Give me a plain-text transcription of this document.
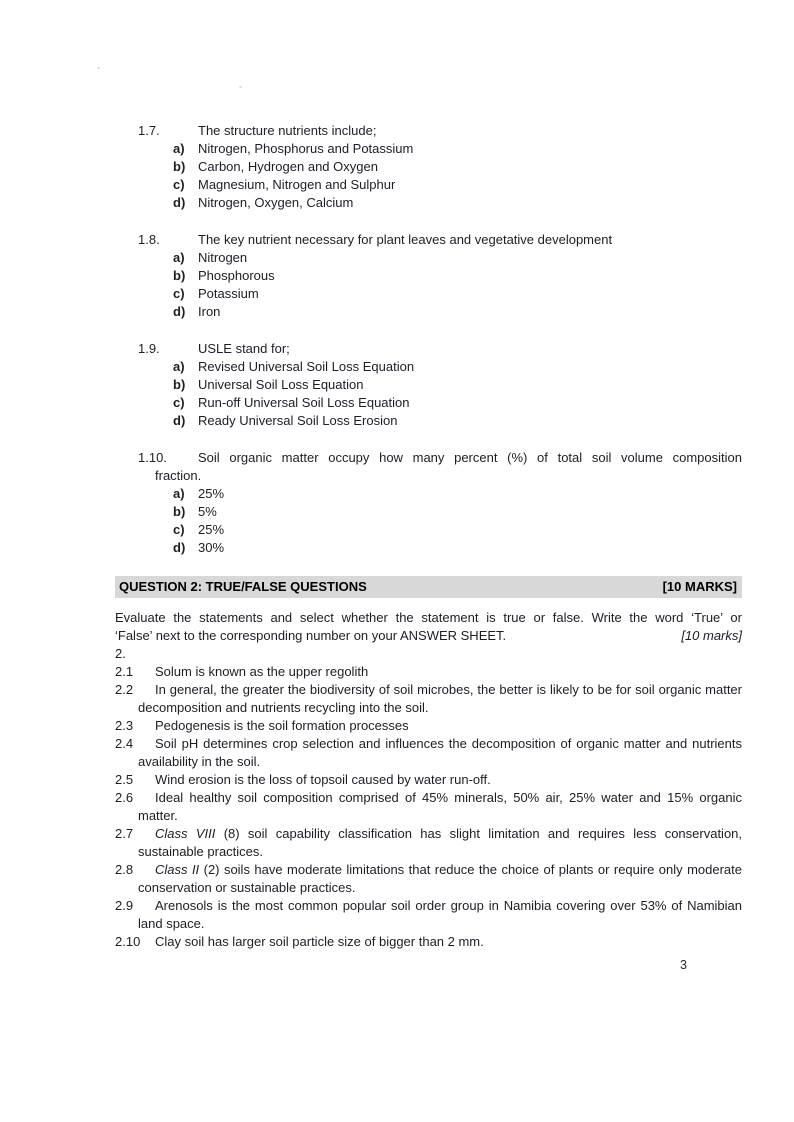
1.7.	The structure nutrients include;

a) Nitrogen, Phosphorus and Potassium

b) Carbon, Hydrogen and Oxygen

c) Magnesium, Nitrogen and Sulphur

d) Nitrogen, Oxygen, Calcium

1.8.	The key nutrient necessary for plant leaves and vegetative development

a) Nitrogen

b) Phosphorous

c) Potassium

d) Iron

1.9.	USLE stand for;

a) Revised Universal Soil Loss Equation

b) Universal Soil Loss Equation

c) Run-off Universal Soil Loss Equation

d) Ready Universal Soil Loss Erosion

1.10. Soil organic matter occupy how many percent (%) of total soil volume composition

fraction.

a) 25%

b) 5%

c) 25%

d) 30%

QUESTION 2: TRUE/FALSE QUESTIONS	[10 MARKS]

Evaluate the statements and select whether the statement is true or false. Write the word ‘True’ or

‘False’ next to the corresponding number on your ANSWER SHEET.	[10 marks]

2.

2.1 Solum is known as the upper regolith

2.2 In general, the greater the biodiversity of soil microbes, the better is likely to be for soil organic matter decomposition and nutrients recycling into the soil.

2.3 Pedogenesis is the soil formation processes

2.4 Soil pH determines crop selection and influences the decomposition of organic matter and nutrients availability in the soil.

2.5 Wind erosion is the loss of topsoil caused by water run-off.

2.6 Ideal healthy soil composition comprised of 45% minerals, 50% air, 25% water and 15% organic matter.

2.7 Class VIII (8) soil capability classification has slight limitation and requires less conservation, sustainable practices.

2.8 Class II (2) soils have moderate limitations that reduce the choice of plants or require only moderate conservation or sustainable practices.

2.9 Arenosols is the most common popular soil order group in Namibia covering over 53% of Namibian land space.

2.10 Clay soil has larger soil particle size of bigger than 2 mm.

3
